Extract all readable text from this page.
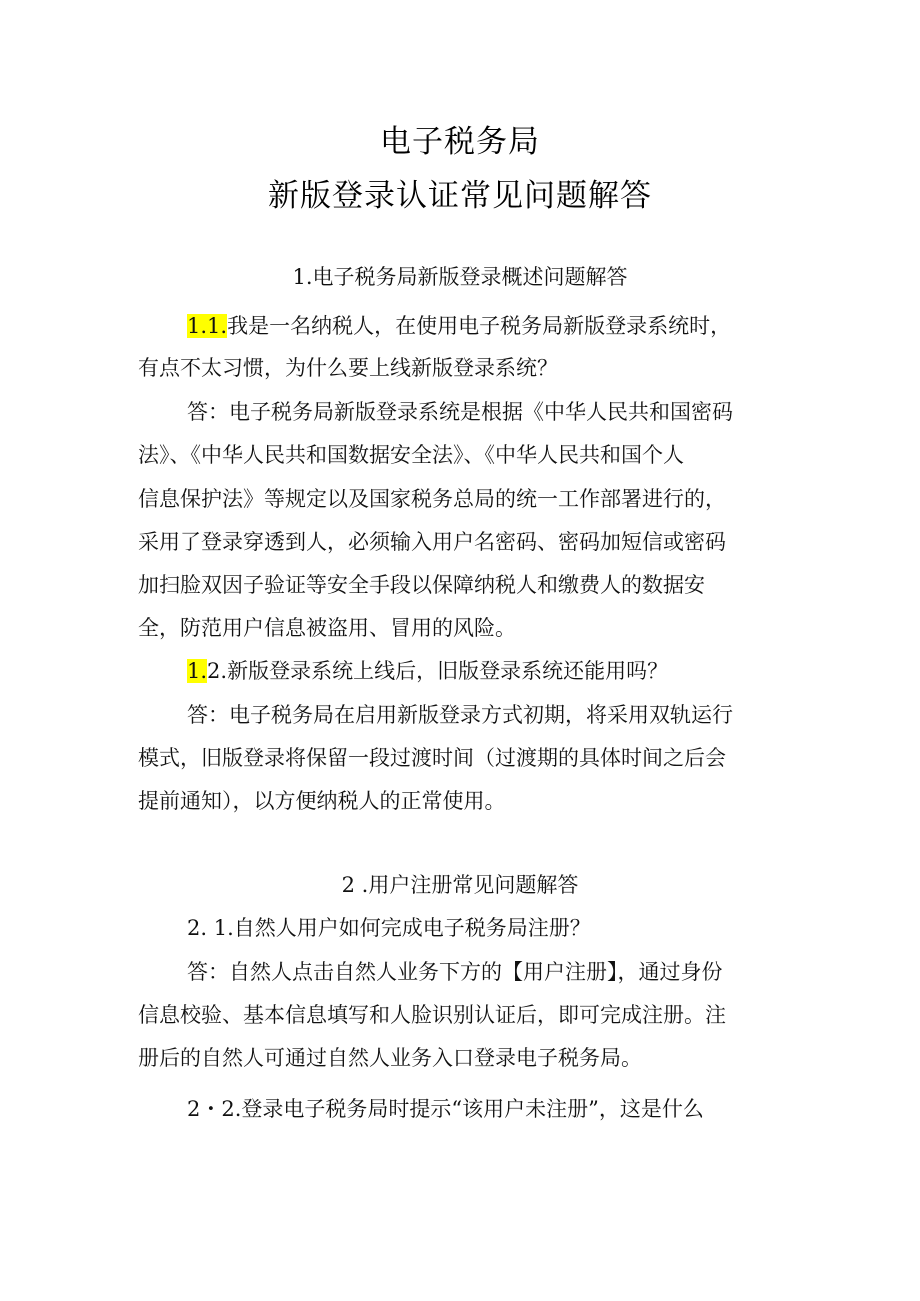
电子税务局
新版登录认证常见问题解答
1.电子税务局新版登录概述问题解答
1.1.我是一名纳税人，在使用电子税务局新版登录系统时，
有点不太习惯，为什么要上线新版登录系统？
答：电子税务局新版登录系统是根据《中华人民共和国密码
法》、《中华人民共和国数据安全法》、《中华人民共和国个人
信息保护法》等规定以及国家税务总局的统一工作部署进行的，
采用了登录穿透到人，必须输入用户名密码、密码加短信或密码
加扫脸双因子验证等安全手段以保障纳税人和缴费人的数据安
全，防范用户信息被盗用、冒用的风险。
1.2.新版登录系统上线后，旧版登录系统还能用吗？
答：电子税务局在启用新版登录方式初期，将采用双轨运行
模式，旧版登录将保留一段过渡时间（过渡期的具体时间之后会
提前通知），以方便纳税人的正常使用。
2 .用户注册常见问题解答
2. 1.自然人用户如何完成电子税务局注册？
答：自然人点击自然人业务下方的【用户注册】，通过身份
信息校验、基本信息填写和人脸识别认证后，即可完成注册。注
册后的自然人可通过自然人业务入口登录电子税务局。
2・2.登录电子税务局时提示“该用户未注册”，这是什么
